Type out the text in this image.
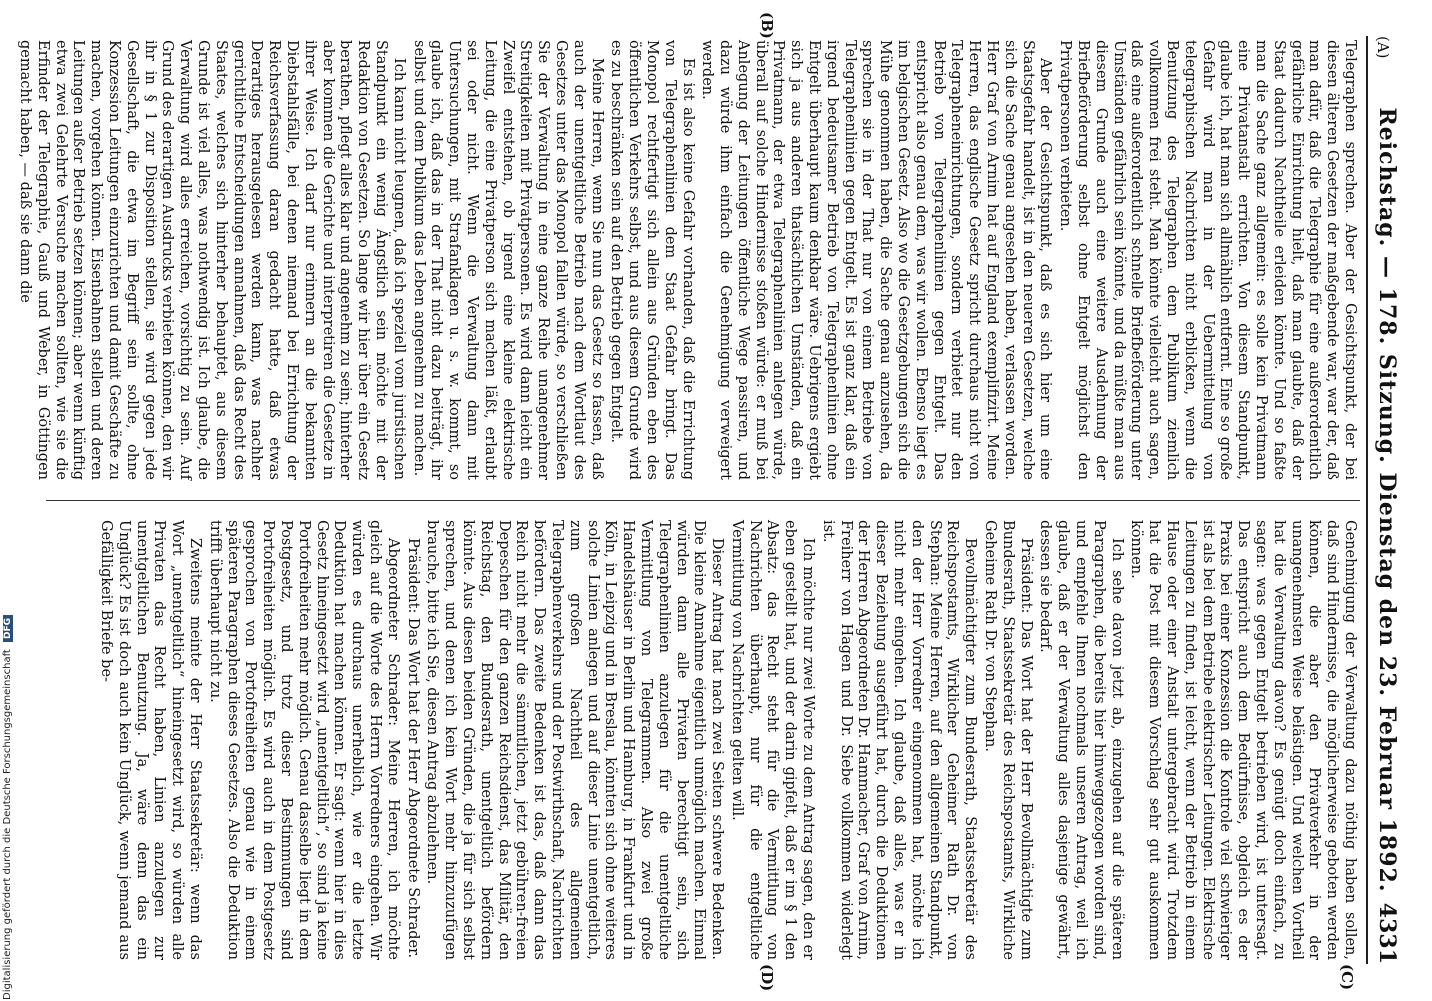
(A)
Reichstag. — 178. Sitzung. Dienstag den 23. Februar 1892.
4331
(B)
(C)
(D)

Telegraphen sprechen. Aber der Gesichtspunkt, der bei diesen älteren Gesetzen der maßgebende war, war der, daß man dafür, daß die Telegraphie für eine außerordentlich gefährliche Einrichtung hielt, daß man glaubte, daß der Staat dadurch Nachtheile erleiden könnte. Und so faßte man die Sache ganz allgemein: es solle kein Privatmann eine Privatanstalt errichten. Von diesem Standpunkt, glaube ich, hat man sich allmählich entfernt. Eine so große Gefahr wird man in der Uebermittelung von telegraphischen Nachrichten nicht erblicken, wenn die Benutzung des Telegraphen dem Publikum ziemlich vollkommen frei steht. Man könnte vielleicht auch sagen, daß eine außerordentlich schnelle Briefbeförderung unter Umständen gefährlich sein könnte, und da müßte man aus diesem Grunde auch eine weitere Ausdehnung der Briefbeförderung selbst ohne Entgelt möglichst den Privatpersonen verbieten.

Aber der Gesichtspunkt, daß es sich hier um eine Staatsgefahr handelt, ist in den neueren Gesetzen, welche sich die Sache genau angesehen haben, verlassen worden. Herr Graf von Arnim hat auf England exemplifizirt. Meine Herren, das englische Gesetz spricht durchaus nicht von Telegrapheneinrichtungen, sondern verbietet nur den Betrieb von Telegraphenlinien gegen Entgelt. Das entspricht also genau dem, was wir wollen. Ebenso liegt es im belgischen Gesetz. Also wo die Gesetzgebungen sich die Mühe genommen haben, die Sache genau anzusehen, da sprechen sie in der That nur von einem Betriebe von Telegraphenlinien gegen Entgelt. Es ist ganz klar, daß ein irgend bedeutsamer Betrieb von Telegraphenlinien ohne Entgelt überhaupt kaum denkbar wäre. Uebrigens ergiebt sich ja aus anderen thatsächlichen Umständen, daß ein Privatmann, der etwa Telegraphenlinien anlegen würde, überall auf solche Hindernisse stoßen würde: er muß bei Anlegung der Leitungen öffentliche Wege passiren, und dazu würde ihm einfach die Genehmigung verweigert werden.

Es ist also keine Gefahr vorhanden, daß die Errichtung von Telegraphenlinien dem Staat Gefahr bringt. Das Monopol rechtfertigt sich allein aus Gründen eben des öffentlichen Verkehrs selbst, und aus diesem Grunde wird es zu beschränken sein auf den Betrieb gegen Entgelt.

Meine Herren, wenn Sie nun das Gesetz so fassen, daß auch der unentgeltliche Betrieb nach dem Wortlaut des Gesetzes unter das Monopol fallen würde, so verschließen Sie der Verwaltung in eine ganze Reihe unangenehmer Streitigkeiten mit Privatpersonen. Es wird dann leicht ein Zweifel entstehen, ob irgend eine kleine elektrische Leitung, die eine Privatperson sich machen läßt, erlaubt sei oder nicht. Wenn die Verwaltung dann mit Untersuchungen, mit Strafanklagen u. s. w. kommt, so glaube ich, daß das in der That nicht dazu beiträgt, ihr selbst und dem Publikum das Leben angenehm zu machen.

Ich kann nicht leugnen, daß ich speziell vom juristischen Standpunkt ein wenig Ängstlich sein möchte mit der Redaktion von Gesetzen. So lange wir hier über ein Gesetz berathen, pflegt alles klar und angenehm zu sein; hinterher aber kommen die Gerichte und interpretiren die Gesetze in ihrer Weise. Ich darf nur erinnern an die bekannten Diebstahlsfälle, bei denen niemand bei Errichtung der Reichsverfassung daran gedacht hatte, daß etwas Derartiges herausgelesen werden kann, was nachher gerichtliche Entscheidungen annahmen, daß das Recht des Staates, welches sich hinterher behauptet, aus diesem Grunde ist viel alles, was nothwendig ist. Ich glaube, die Verwaltung wird alles erreichen, vorsichtig zu sein. Auf Grund des derartigen Ausdrucks verbieten können, den wir ihr in § 1 zur Disposition stellen, sie wird gegen jede Gesellschaft, die etwa im Begriff sein sollte, ohne Konzession Leitungen einzurichten und damit Geschäfte zu machen, vorgehen können. Eisenbahnen stellen und deren Leitungen außer Betrieb setzen können; aber wenn künftig etwa zwei Gelehrte Versuche machen sollten, wie sie die Erfinder der Telegraphie, Gauß und Weber, in Göttingen gemacht haben, — daß sie dann die

Genehmigung der Verwaltung dazu nöthig haben sollen, daß sind Hindernisse, die möglicherweise geboten werden können, die aber den Privatverkehr in der unangenehmsten Weise belästigen. Und welchen Vortheil hat die Verwaltung davon? Es genügt doch einfach, zu sagen: was gegen Entgelt betrieben wird, ist untersagt. Das entspricht auch dem Bedürfnisse, obgleich es der Praxis bei einer Konzession die Kontrole viel schwieriger ist als bei dem Betriebe elektrischer Leitungen. Elektrische Leitungen zu finden, ist leicht, wenn der Betrieb in einem Hause oder einer Anstalt untergebracht wird. Trotzdem hat die Post mit diesem Vorschlag sehr gut auskommen können.

Ich sehe davon jetzt ab, einzugehen auf die späteren Paragraphen, die bereits hier hinweggezogen worden sind, und empfehle Ihnen nochmals unseren Antrag, weil ich glaube, daß er der Verwaltung alles dasjenige gewährt, dessen sie bedarf.

Präsident: Das Wort hat der Herr Bevollmächtigte zum Bundesrath, Staatssekretär des Reichspostamts, Wirkliche Geheime Rath Dr. von Stephan.

Bevollmächtigter zum Bundesrath, Staatssekretär des Reichspostamts, Wirklicher Geheimer Rath Dr. von Stephan: Meine Herren, auf den allgemeinen Standpunkt, den der Herr Vorredner eingenommen hat, möchte ich nicht mehr eingehen. Ich glaube, daß alles, was er in dieser Beziehung ausgeführt hat, durch die Deduktionen der Herren Abgeordneten Dr. Hammacher, Graf von Arnim, Freiherr von Hagen und Dr. Siebe vollkommen widerlegt ist.

Ich möchte nur zwei Worte zu dem Antrag sagen, den er eben gestellt hat, und der darin gipfelt, daß er im § 1 den Absatz: das Recht steht für die Vermittlung von Nachrichten überhaupt, nur für die entgeltliche Vermittlung von Nachrichten gelten will.

Dieser Antrag hat nach zwei Seiten schwere Bedenken. Die kleine Annahme eigentlich unmöglich machen. Einmal würden dann alle Privaten berechtigt sein, sich Telegraphenlinien anzulegen für die unentgeltliche Vermittlung von Telegrammen. Also zwei große Handelshäuser in Berlin und Hamburg, in Frankfurt und in Köln, in Leipzig und in Breslau, könnten sich ohne weiteres solche Linien anlegen und auf dieser Linie unentgeltlich, zum großen Nachtheil des allgemeinen Telegraphenverkehrs und der Postwirthschaft, Nachrichten befördern. Das zweite Bedenken ist das, daß dann das Reich nicht mehr die sämmtlichen, jetzt gebühren-freien Depeschen für den ganzen Reichsdienst, das Militär, den Reichstag, den Bundesrath, unentgeltlich befördern könnte. Aus diesen beiden Gründen, die ja für sich selbst sprechen, und denen ich kein Wort mehr hinzuzufügen brauche, bitte ich Sie, diesen Antrag abzulehnen.

Präsident: Das Wort hat der Herr Abgeordnete Schrader.

Abgeordneter Schrader: Meine Herren, ich möchte gleich auf die Worte des Herrn Vorredners eingehen. Wir würden es durchaus unerheblich, wie er die letzte Deduktion hat machen können. Er sagt: wenn hier in dies Gesetz hineingesetzt wird „unentgeltlich“, so sind ja keine Portofreiheiten mehr möglich. Genau dasselbe liegt in dem Postgesetz, und trotz dieser Bestimmungen sind Portofreiheiten möglich. Es wird auch in dem Postgesetz gesprochen von Portofreiheiten genau wie in einem späteren Paragraphen dieses Gesetzes. Also die Deduktion trifft überhaupt nicht zu.

Zweitens meinte der Herr Staatssekretär: wenn das Wort „unentgeltlich“ hineingesetzt wird, so würden alle Privaten das Recht haben, Linien anzulegen zur unentgeltlichen Benutzung. Ja, wäre denn das ein Unglück? Es ist doch auch kein Unglück, wenn jemand aus Gefälligkeit Briefe be-

Digitalisierung gefördert durch die Deutsche Forschungsgemeinschaft DFG
